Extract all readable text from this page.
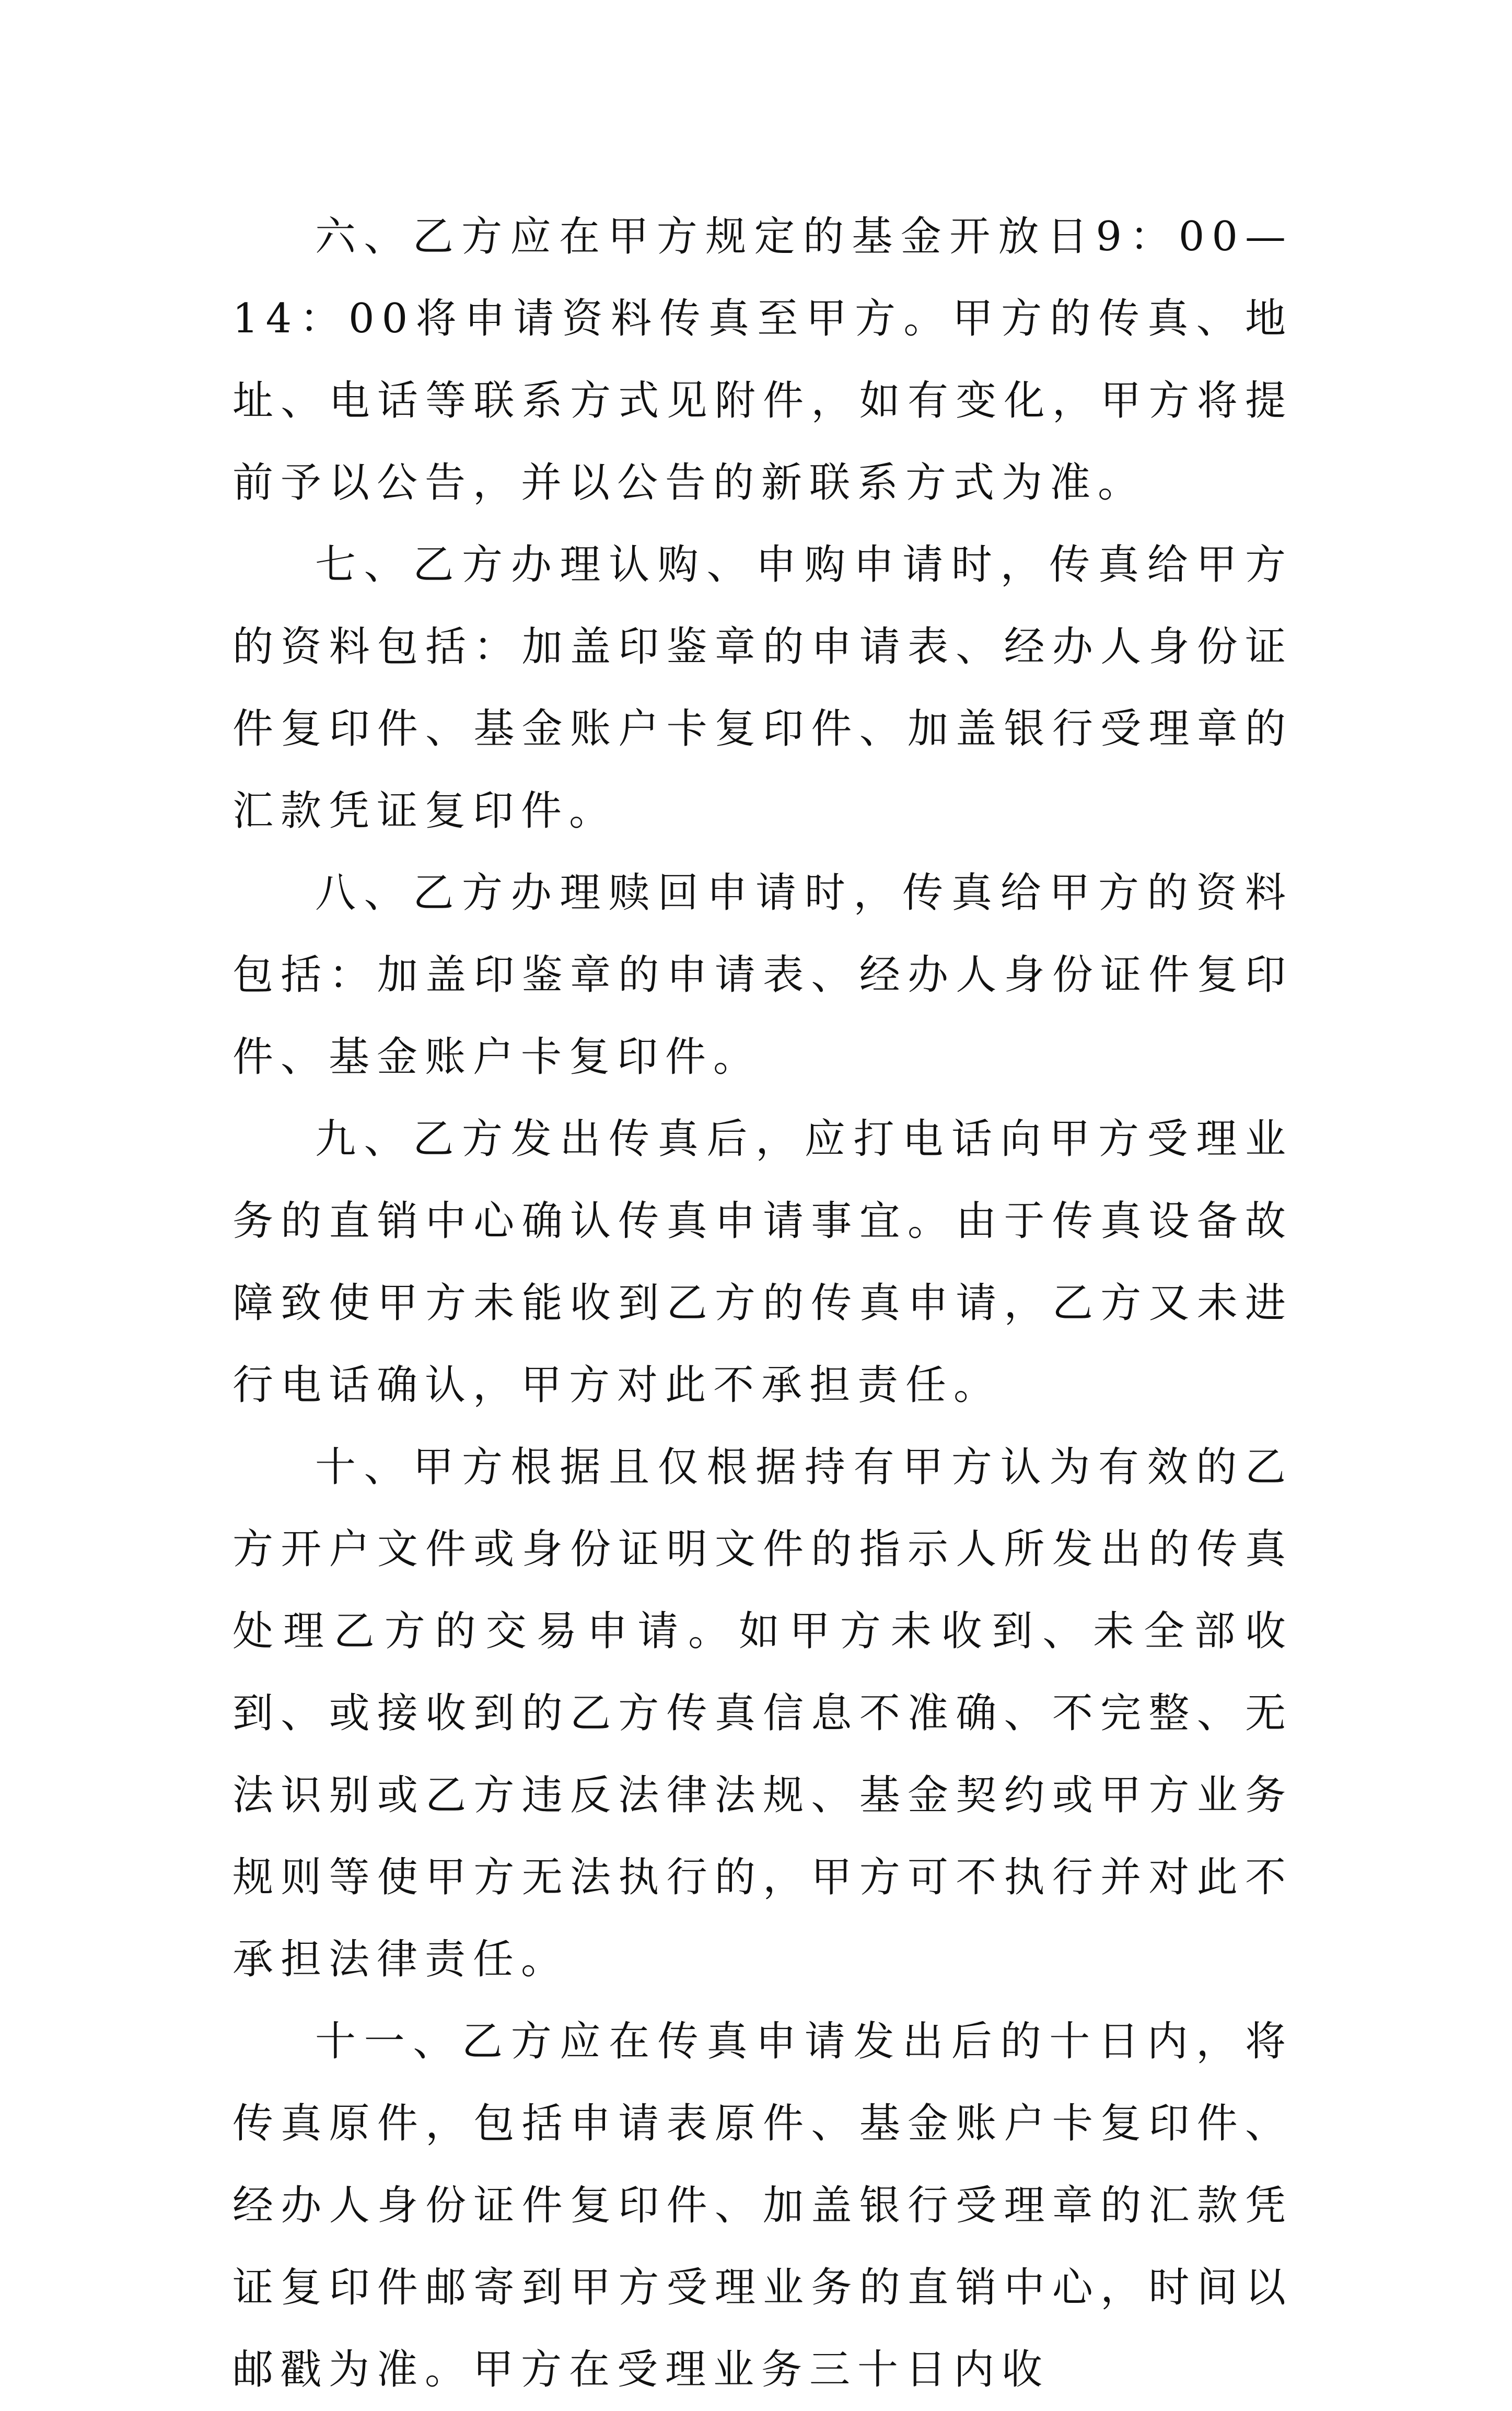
六、乙方应在甲方规定的基金开放日9：00—14：00将申请资料传真至甲方。甲方的传真、地址、电话等联系方式见附件，如有变化，甲方将提前予以公告，并以公告的新联系方式为准。

七、乙方办理认购、申购申请时，传真给甲方的资料包括：加盖印鉴章的申请表、经办人身份证件复印件、基金账户卡复印件、加盖银行受理章的汇款凭证复印件。

八、乙方办理赎回申请时，传真给甲方的资料包括：加盖印鉴章的申请表、经办人身份证件复印件、基金账户卡复印件。

九、乙方发出传真后，应打电话向甲方受理业务的直销中心确认传真申请事宜。由于传真设备故障致使甲方未能收到乙方的传真申请，乙方又未进行电话确认，甲方对此不承担责任。

十、甲方根据且仅根据持有甲方认为有效的乙方开户文件或身份证明文件的指示人所发出的传真处理乙方的交易申请。如甲方未收到、未全部收到、或接收到的乙方传真信息不准确、不完整、无法识别或乙方违反法律法规、基金契约或甲方业务规则等使甲方无法执行的，甲方可不执行并对此不承担法律责任。

十一、乙方应在传真申请发出后的十日内，将传真原件，包括申请表原件、基金账户卡复印件、经办人身份证件复印件、加盖银行受理章的汇款凭证复印件邮寄到甲方受理业务的直销中心，时间以邮戳为准。甲方在受理业务三十日内收
